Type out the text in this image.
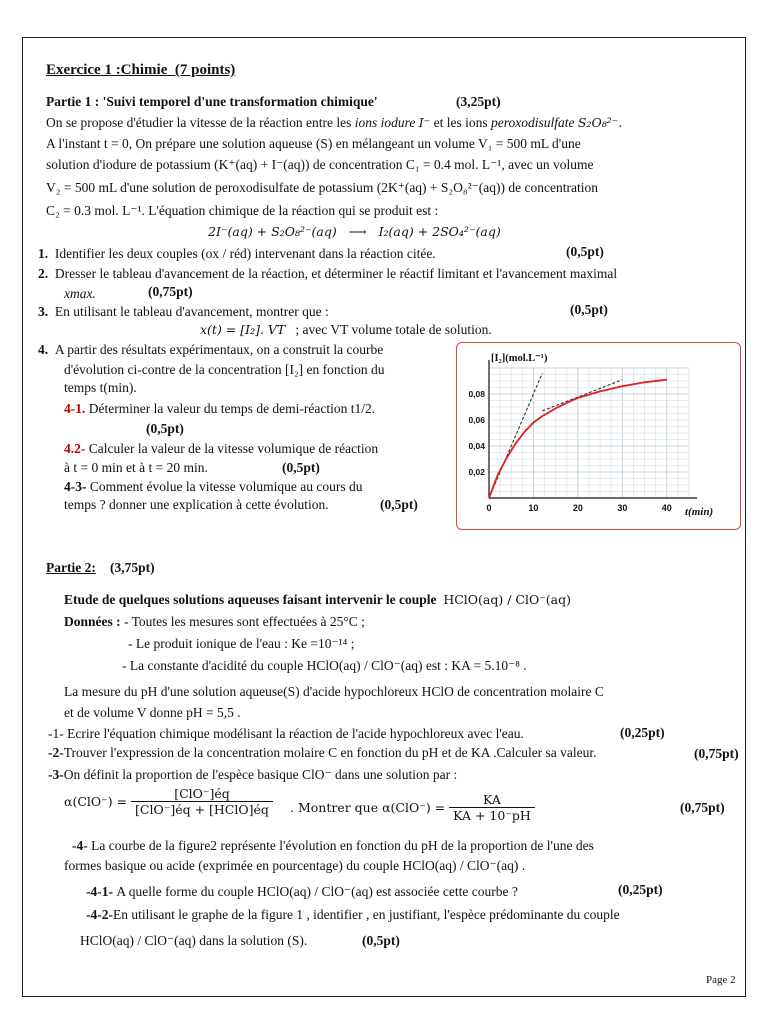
Exercice 1 :Chimie (7 points)
Partie 1 : 'Suivi temporel d'une transformation chimique'	(3,25pt)
On se propose d'étudier la vitesse de la réaction entre les ions iodure I⁻ et les ions peroxodisulfate S₂O₈²⁻.
A l'instant t = 0, On prépare une solution aqueuse (S) en mélangeant un volume V₁ = 500 mL d'une
solution d'iodure de potassium (K⁺(aq) + I⁻(aq)) de concentration C₁ = 0.4 mol. L⁻¹, avec un volume
V₂ = 500 mL d'une solution de peroxodisulfate de potassium (2K⁺(aq) + S₂O₈²⁻(aq)) de concentration
C₂ = 0.3 mol. L⁻¹. L'équation chimique de la réaction qui se produit est :
2I⁻(aq) + S₂O₈²⁻(aq)   ⟶   I₂(aq) + 2SO₄²⁻(aq)
1. Identifier les deux couples (ox / réd) intervenant dans la réaction citée.	(0,5pt)
2. Dresser le tableau d'avancement de la réaction, et déterminer le réactif limitant et l'avancement maximal
xmax.	(0,75pt)
3. En utilisant le tableau d'avancement, montrer que :	(0,5pt)
x(t) = [I₂]. VT ; avec VT volume totale de solution.
4. A partir des résultats expérimentaux, on a construit la courbe
d'évolution ci-contre de la concentration [I₂] en fonction du
temps t(min).
4-1. Déterminer la valeur du temps de demi-réaction t1/2.
(0,5pt)
4.2- Calculer la valeur de la vitesse volumique de réaction
à t = 0 min et à t = 20 min.	(0,5pt)
4-3- Comment évolue la vitesse volumique au cours du
temps ? donner une explication à cette évolution.	(0,5pt)	0	10	20	30	40
0,02
0,04
0,06
0,08
[I₂](mol.L⁻¹)
t(min)
Partie 2: (3,75pt)
Etude de quelques solutions aqueuses faisant intervenir le couple HClO(aq) / ClO⁻(aq)
Données : - Toutes les mesures sont effectuées à 25°C ;
- Le produit ionique de l'eau : Ke =10⁻¹⁴ ;
- La constante d'acidité du couple HClO(aq) / ClO⁻(aq) est : KA = 5.10⁻⁸ .
La mesure du pH d'une solution aqueuse(S) d'acide hypochloreux HClO de concentration molaire C
et de volume V donne pH = 5,5 .
-1- Ecrire l'équation chimique modélisant la réaction de l'acide hypochloreux avec l'eau.	(0,25pt)
-2-Trouver l'expression de la concentration molaire C en fonction du pH et de KA .Calculer sa valeur.	(0,75pt)
-3-On définit la proportion de l'espèce basique ClO⁻ dans une solution par :
$\alpha(ClO^-) = \frac{\text{[ClO⁻]éq}}{\text{[ClO⁻]éq + [HClO]éq}}$ . Montrer que $\alpha(ClO^-) = \frac{KA}{KA + 10^-pH}$	(0,75pt)
-4- La courbe de la figure2 représente l'évolution en fonction du pH de la proportion de l'une des
formes basique ou acide (exprimée en pourcentage) du couple HClO(aq) / ClO⁻(aq) .
-4-1- A quelle forme du couple HClO(aq) / ClO⁻(aq) est associée cette courbe ?	(0,25pt)
-4-2-En utilisant le graphe de la figure 1 , identifier , en justifiant, l'espèce prédominante du couple
HClO(aq) / ClO⁻(aq) dans la solution (S).	(0,5pt)
Page 2
